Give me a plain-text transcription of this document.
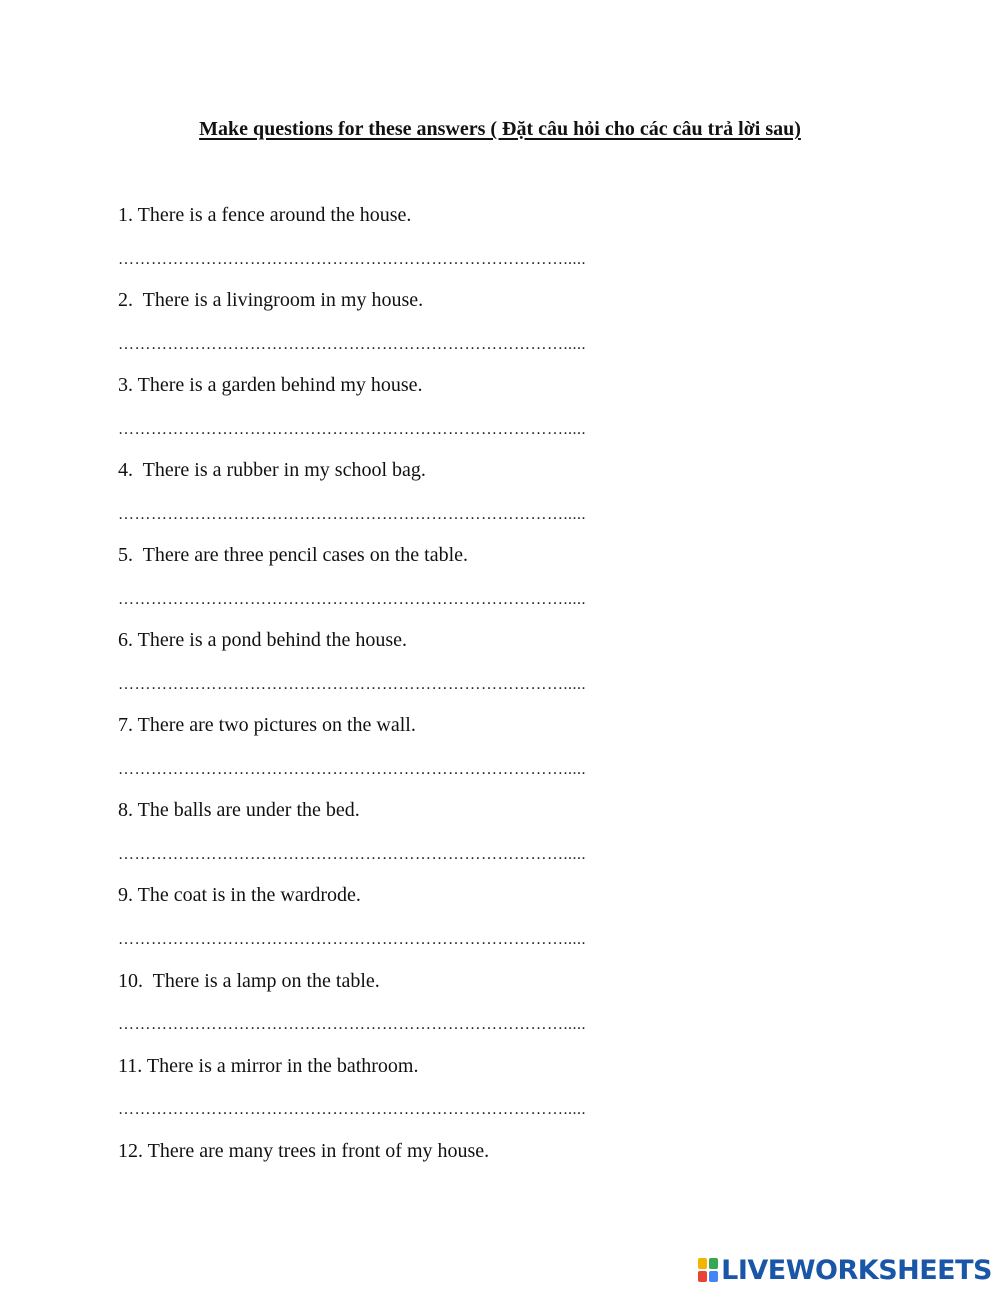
Make questions for these answers ( Đặt câu hỏi cho các câu trả lời sau)
1. There is a fence around the house.
……………………………………………………………………….....
2.  There is a livingroom in my house.
……………………………………………………………………….....
3. There is a garden behind my house.
……………………………………………………………………….....
4.  There is a rubber in my school bag.
……………………………………………………………………….....
5.  There are three pencil cases on the table.
……………………………………………………………………….....
6. There is a pond behind the house.
……………………………………………………………………….....
7. There are two pictures on the wall.
……………………………………………………………………….....
8. The balls are under the bed.
……………………………………………………………………….....
9. The coat is in the wardrode.
……………………………………………………………………….....
10.  There is a lamp on the table.
……………………………………………………………………….....
11. There is a mirror in the bathroom.
……………………………………………………………………….....
12. There are many trees in front of my house.
LIVEWORKSHEETS
